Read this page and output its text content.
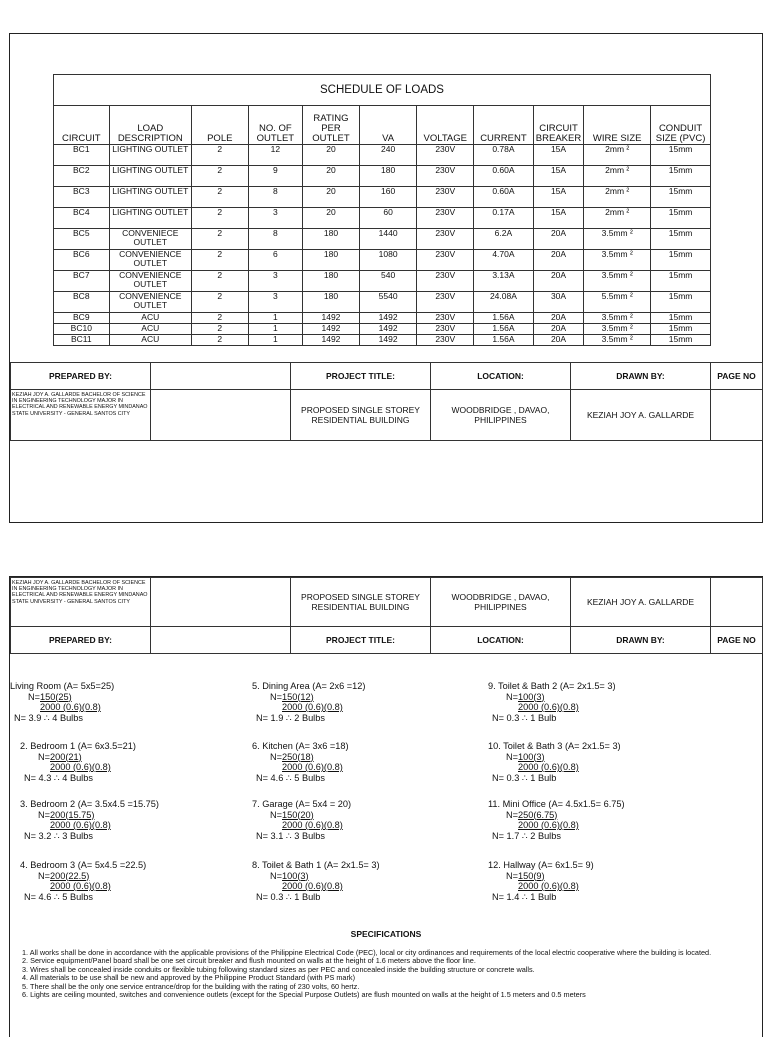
SCHEDULE OF LOADS										
CIRCUIT	LOAD DESCRIPTION	POLE	NO. OF OUTLET	RATING PER OUTLET	VA	VOLTAGE	CURRENT	CIRCUIT BREAKER	WIRE SIZE	CONDUIT SIZE (PVC)
BC1	LIGHTING OUTLET	2	12	20	240	230V	0.78A	15A	2mm ²	15mm
BC2	LIGHTING OUTLET	2	9	20	180	230V	0.60A	15A	2mm ²	15mm
BC3	LIGHTING OUTLET	2	8	20	160	230V	0.60A	15A	2mm ²	15mm
BC4	LIGHTING OUTLET	2	3	20	60	230V	0.17A	15A	2mm ²	15mm
BC5	CONVENIECE OUTLET	2	8	180	1440	230V	6.2A	20A	3.5mm ²	15mm
BC6	CONVENIENCE OUTLET	2	6	180	1080	230V	4.70A	20A	3.5mm ²	15mm
BC7	CONVENIENCE OUTLET	2	3	180	540	230V	3.13A	20A	3.5mm ²	15mm
BC8	CONVENIENCE OUTLET	2	3	180	5540	230V	24.08A	30A	5.5mm ²	15mm
BC9	ACU	2	1	1492	1492	230V	1.56A	20A	3.5mm ²	15mm
BC10	ACU	2	1	1492	1492	230V	1.56A	20A	3.5mm ²	15mm
BC11	ACU	2	1	1492	1492	230V	1.56A	20A	3.5mm ²	15mm
PREPARED BY:		PROJECT TITLE:	LOCATION:	DRAWN BY:	PAGE NO
KEZIAH JOY A. GALLARDE BACHELOR OF SCIENCE IN ENGINEERING TECHNOLOGY MAJOR IN ELECTRICAL AND RENEWABLE ENERGY MINDANAO STATE UNIVERSITY - GENERAL SANTOS CITY		PROPOSED SINGLE STOREY RESIDENTIAL BUILDING	WOODBRIDGE , DAVAO, PHILIPPINES	KEZIAH JOY A. GALLARDE	
KEZIAH JOY A. GALLARDE BACHELOR OF SCIENCE IN ENGINEERING TECHNOLOGY MAJOR IN ELECTRICAL AND RENEWABLE ENERGY MINDANAO STATE UNIVERSITY - GENERAL SANTOS CITY		PROPOSED SINGLE STOREY RESIDENTIAL BUILDING	WOODBRIDGE , DAVAO, PHILIPPINES	KEZIAH JOY A. GALLARDE	
PREPARED BY:		PROJECT TITLE:	LOCATION:	DRAWN BY:	PAGE NO
Living Room (A= 5x5=25)
N=150(25)
2000 (0.6)(0.8)
N= 3.9 ∴ 4 Bulbs
2. Bedroom 1 (A= 6x3.5=21)
N=200(21)
2000 (0.6)(0.8)
N= 4.3 ∴ 4 Bulbs
3. Bedroom 2 (A= 3.5x4.5 =15.75)
N=200(15.75)
2000 (0.6)(0.8)
N= 3.2 ∴ 3 Bulbs
4. Bedroom 3 (A= 5x4.5 =22.5)
N=200(22.5)
2000 (0.6)(0.8)
N= 4.6 ∴ 5 Bulbs
5. Dining Area (A= 2x6 =12)
N=150(12)
2000 (0.6)(0.8)
N= 1.9 ∴ 2 Bulbs
6. Kitchen (A= 3x6 =18)
N=250(18)
2000 (0.6)(0.8)
N= 4.6 ∴ 5 Bulbs
7. Garage (A= 5x4 = 20)
N=150(20)
2000 (0.6)(0.8)
N= 3.1 ∴ 3 Bulbs
8. Toilet & Bath 1 (A= 2x1.5= 3)
N=100(3)
2000 (0.6)(0.8)
N= 0.3 ∴ 1 Bulb
9. Toilet & Bath 2 (A= 2x1.5= 3)
N=100(3)
2000 (0.6)(0.8)
N= 0.3 ∴ 1 Bulb
10. Toilet & Bath 3 (A= 2x1.5= 3)
N=100(3)
2000 (0.6)(0.8)
N= 0.3 ∴ 1 Bulb
11. Mini Office (A= 4.5x1.5= 6.75)
N=250(6.75)
2000 (0.6)(0.8)
N= 1.7 ∴ 2 Bulbs
12. Hallway (A= 6x1.5= 9)
N=150(9)
2000 (0.6)(0.8)
N= 1.4 ∴ 1 Bulb
SPECIFICATIONS
1. All works shall be done in accordance with the applicable provisions of the Philippine Electrical Code (PEC), local or city ordinances and requirements of the local electric cooperative where the building is located.
2. Service equipment/Panel board shall be one set circuit breaker and flush mounted on walls at the height of 1.6 meters above the floor line.
3. Wires shall be concealed inside conduits or flexible tubing following standard sizes as per PEC and concealed inside the building structure or concrete walls.
4. All materials to be use shall be new and approved by the Philippine Product Standard (with PS mark)
5. There shall be the only one service entrance/drop for the building with the rating of 230 volts, 60 hertz.
6. Lights are ceiling mounted, switches and convenience outlets (except for the Special Purpose Outlets) are flush mounted on walls at the height of 1.5 meters and 0.5 meters
